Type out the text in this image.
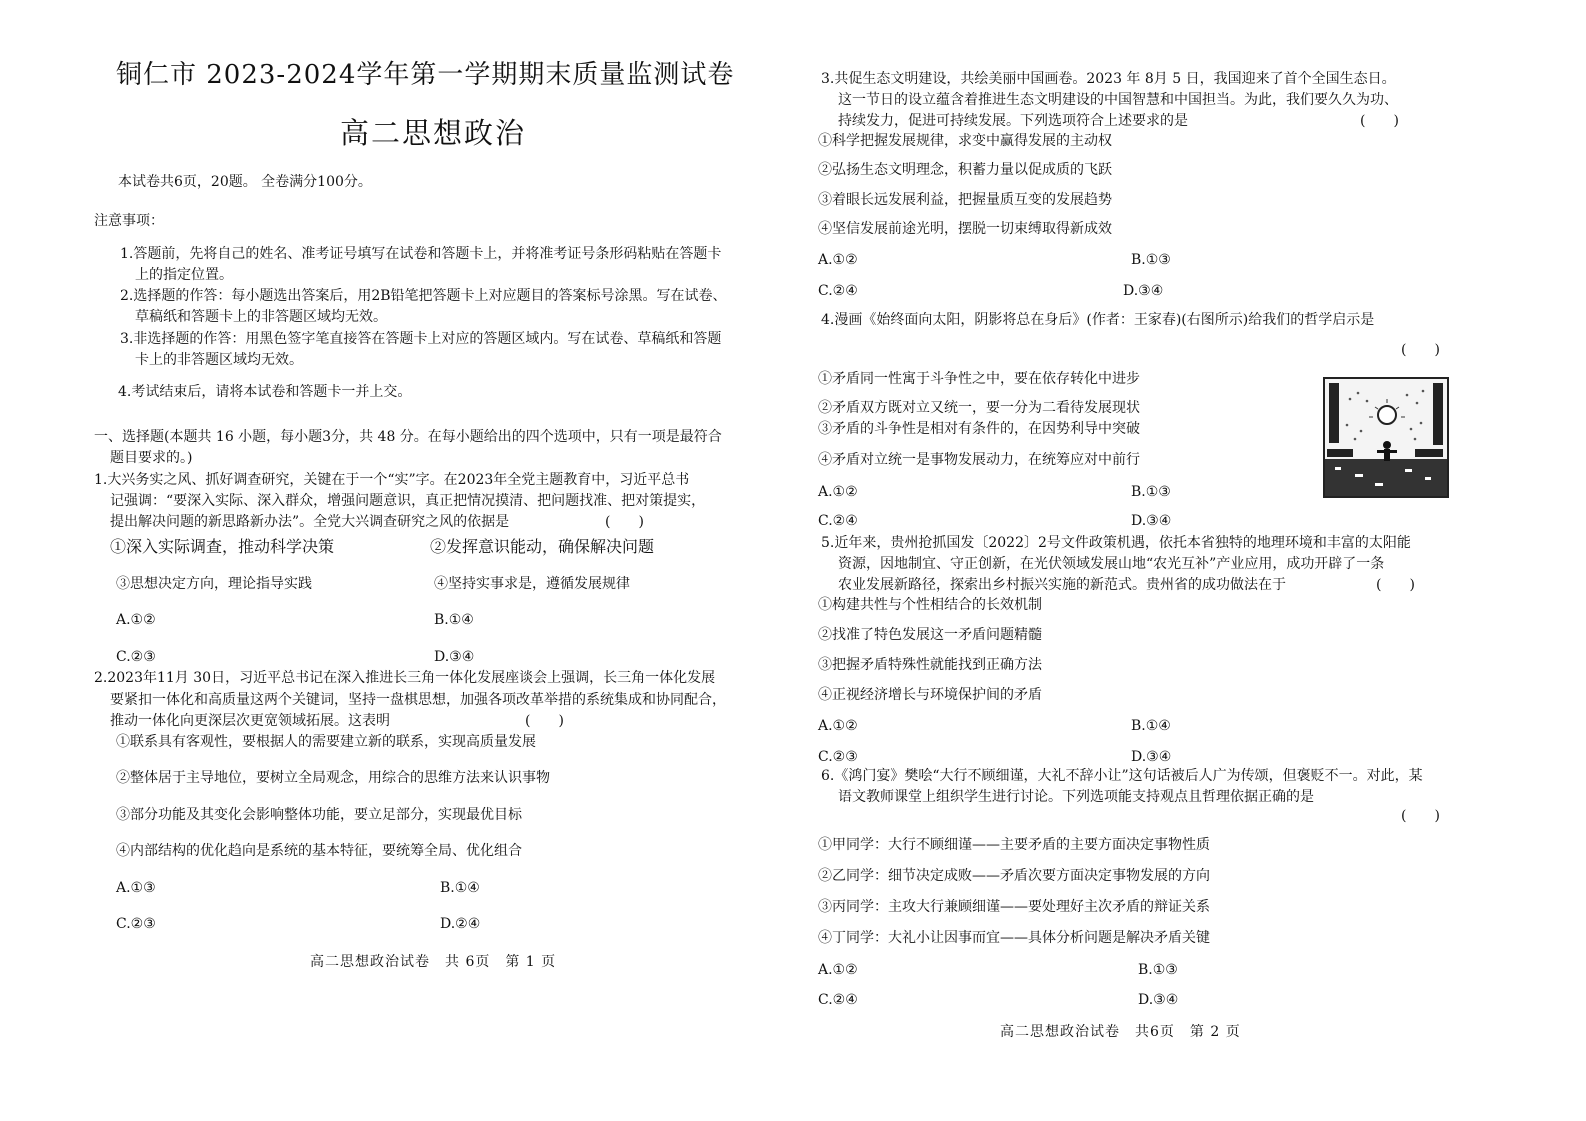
铜仁市 2023-2024学年第一学期期末质量监测试卷
高二思想政治
本试卷共6页，20题。 全卷满分100分。
注意事项：
1.答题前，先将自己的姓名、准考证号填写在试卷和答题卡上，并将准考证号条形码粘贴在答题卡
上的指定位置。
2.选择题的作答：每小题选出答案后，用2B铅笔把答题卡上对应题目的答案标号涂黑。写在试卷、
草稿纸和答题卡上的非答题区域均无效。
3.非选择题的作答：用黑色签字笔直接答在答题卡上对应的答题区域内。写在试卷、草稿纸和答题
卡上的非答题区域均无效。
4.考试结束后，请将本试卷和答题卡一并上交。
一、选择题(本题共 16 小题，每小题3分，共 48 分。在每小题给出的四个选项中，只有一项是最符合
题目要求的。)
1.大兴务实之风、抓好调查研究，关键在于一个“实”字。在2023年全党主题教育中，习近平总书
记强调：“要深入实际、深入群众，增强问题意识，真正把情况摸清、把问题找准、把对策提实，
提出解决问题的新思路新办法”。全党大兴调查研究之风的依据是	(　　)
①深入实际调查，推动科学决策	②发挥意识能动，确保解决问题
③思想决定方向，理论指导实践	④坚持实事求是，遵循发展规律
A.①②	B.①④
C.②③	D.③④
2.2023年11月 30日，习近平总书记在深入推进长三角一体化发展座谈会上强调，长三角一体化发展
要紧扣一体化和高质量这两个关键词，坚持一盘棋思想，加强各项改革举措的系统集成和协同配合，
推动一体化向更深层次更宽领域拓展。这表明	(　　)
①联系具有客观性，要根据人的需要建立新的联系，实现高质量发展
②整体居于主导地位，要树立全局观念，用综合的思维方法来认识事物
③部分功能及其变化会影响整体功能，要立足部分，实现最优目标
④内部结构的优化趋向是系统的基本特征，要统筹全局、优化组合
A.①③	B.①④
C.②③	D.②④
高二思想政治试卷　共 6页　第 1 页
3.共促生态文明建设，共绘美丽中国画卷。2023 年 8月 5 日，我国迎来了首个全国生态日。
这一节日的设立蕴含着推进生态文明建设的中国智慧和中国担当。为此，我们要久久为功、
持续发力，促进可持续发展。下列选项符合上述要求的是	(　　)
①科学把握发展规律，求变中赢得发展的主动权
②弘扬生态文明理念，积蓄力量以促成质的飞跃
③着眼长远发展利益，把握量质互变的发展趋势
④坚信发展前途光明，摆脱一切束缚取得新成效
A.①②	B.①③
C.②④	D.③④
4.漫画《始终面向太阳，阴影将总在身后》(作者：王家春)(右图所示)给我们的哲学启示是
(　　)
①矛盾同一性寓于斗争性之中，要在依存转化中进步
②矛盾双方既对立又统一，要一分为二看待发展现状
③矛盾的斗争性是相对有条件的，在因势利导中突破
④矛盾对立统一是事物发展动力，在统筹应对中前行
A.①②	B.①③
C.②④	D.③④
5.近年来，贵州抢抓国发〔2022〕2号文件政策机遇，依托本省独特的地理环境和丰富的太阳能
资源，因地制宜、守正创新，在光伏领域发展山地“农光互补”产业应用，成功开辟了一条
农业发展新路径，探索出乡村振兴实施的新范式。贵州省的成功做法在于	(　　)
①构建共性与个性相结合的长效机制
②找准了特色发展这一矛盾问题精髓
③把握矛盾特殊性就能找到正确方法
④正视经济增长与环境保护间的矛盾
A.①②	B.①④
C.②③	D.③④
6.《鸿门宴》樊哙“大行不顾细谨，大礼不辞小让”这句话被后人广为传颂，但褒贬不一。对此，某
语文教师课堂上组织学生进行讨论。下列选项能支持观点且哲理依据正确的是
(　　)
①甲同学：大行不顾细谨——主要矛盾的主要方面决定事物性质
②乙同学：细节决定成败——矛盾次要方面决定事物发展的方向
③丙同学：主攻大行兼顾细谨——要处理好主次矛盾的辩证关系
④丁同学：大礼小让因事而宜——具体分析问题是解决矛盾关键
A.①②	B.①③
C.②④	D.③④
高二思想政治试卷　共6页　第 2 页
